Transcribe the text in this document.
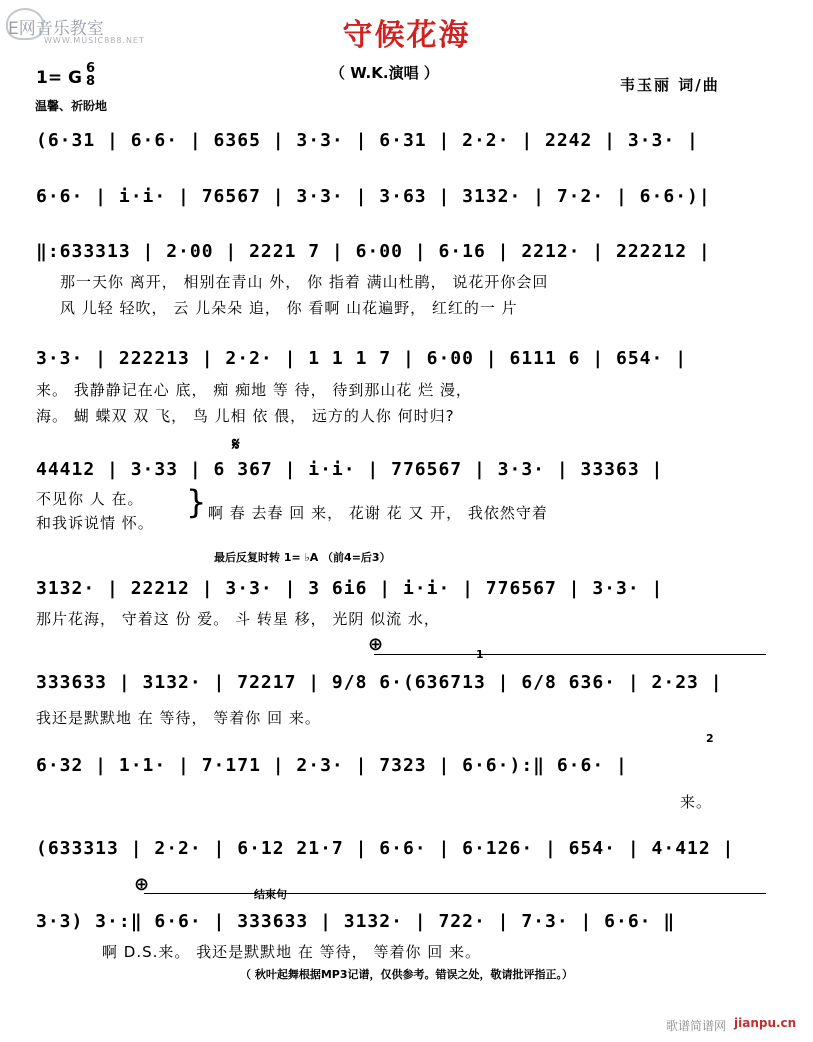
E网音乐教室
WWW.MUSIC888.NET	守候花海
（ W.K.演唱 ）
韦玉丽 词/曲
1= G 6
8
温馨、祈盼地
(6·31 | 6·6· | 6365 | 3·3· | 6·31 | 2·2· | 2242 | 3·3· |
6·6· | i·i· | 76567 | 3·3· | 3·63 | 3132· | 7·2· | 6·6·)|
‖:633313 | 2·00 | 2221 7 | 6·00 | 6·16 | 2212· | 222212 |
那一天你 离开， 相别在青山 外， 你 指着 满山杜鹃， 说花开你会回
风 儿轻 轻吹， 云 儿朵朵 追， 你 看啊 山花遍野， 红红的一 片
3·3· | 222213 | 2·2· | 1 1 1 7 | 6·00 | 6111 6 | 654· |
来。 我静静记在心 底， 痴 痴地 等 待， 待到那山花 烂 漫，
海。 蝴 蝶双 双 飞， 鸟 儿相 依 偎， 远方的人你 何时归?
𝄋
44412 | 3·33 | 6 367 | i·i· | 776567 | 3·3· | 33363 |
不见你 人 在。
和我诉说情 怀。
} 啊 春 去春 回 来， 花谢 花 又 开， 我依然守着
最后反复时转 1= ♭A （前4=后3）
3132· | 22212 | 3·3· | 3 6i6 | i·i· | 776567 | 3·3· |
那片花海， 守着这 份 爱。 斗 转星 移， 光阴 似流 水，
⊕	1
333633 | 3132· | 72217 | 9/8 6·(636713 | 6/8 636· | 2·23 |
我还是默默地 在 等待， 等着你 回 来。
2
6·32 | 1·1· | 7·171 | 2·3· | 7323 | 6·6·):‖ 6·6· |
来。
(633313 | 2·2· | 6·12 21·7 | 6·6· | 6·126· | 654· | 4·412 |
⊕	结束句
3·3) 3·:‖ 6·6· | 333633 | 3132· | 722· | 7·3· | 6·6· ‖
啊 D.S.来。 我还是默默地 在 等待， 等着你 回 来。
（ 秋叶起舞根据MP3记谱，仅供参考。错误之处，敬请批评指正。）
歌谱简谱网 jianpu.cn
